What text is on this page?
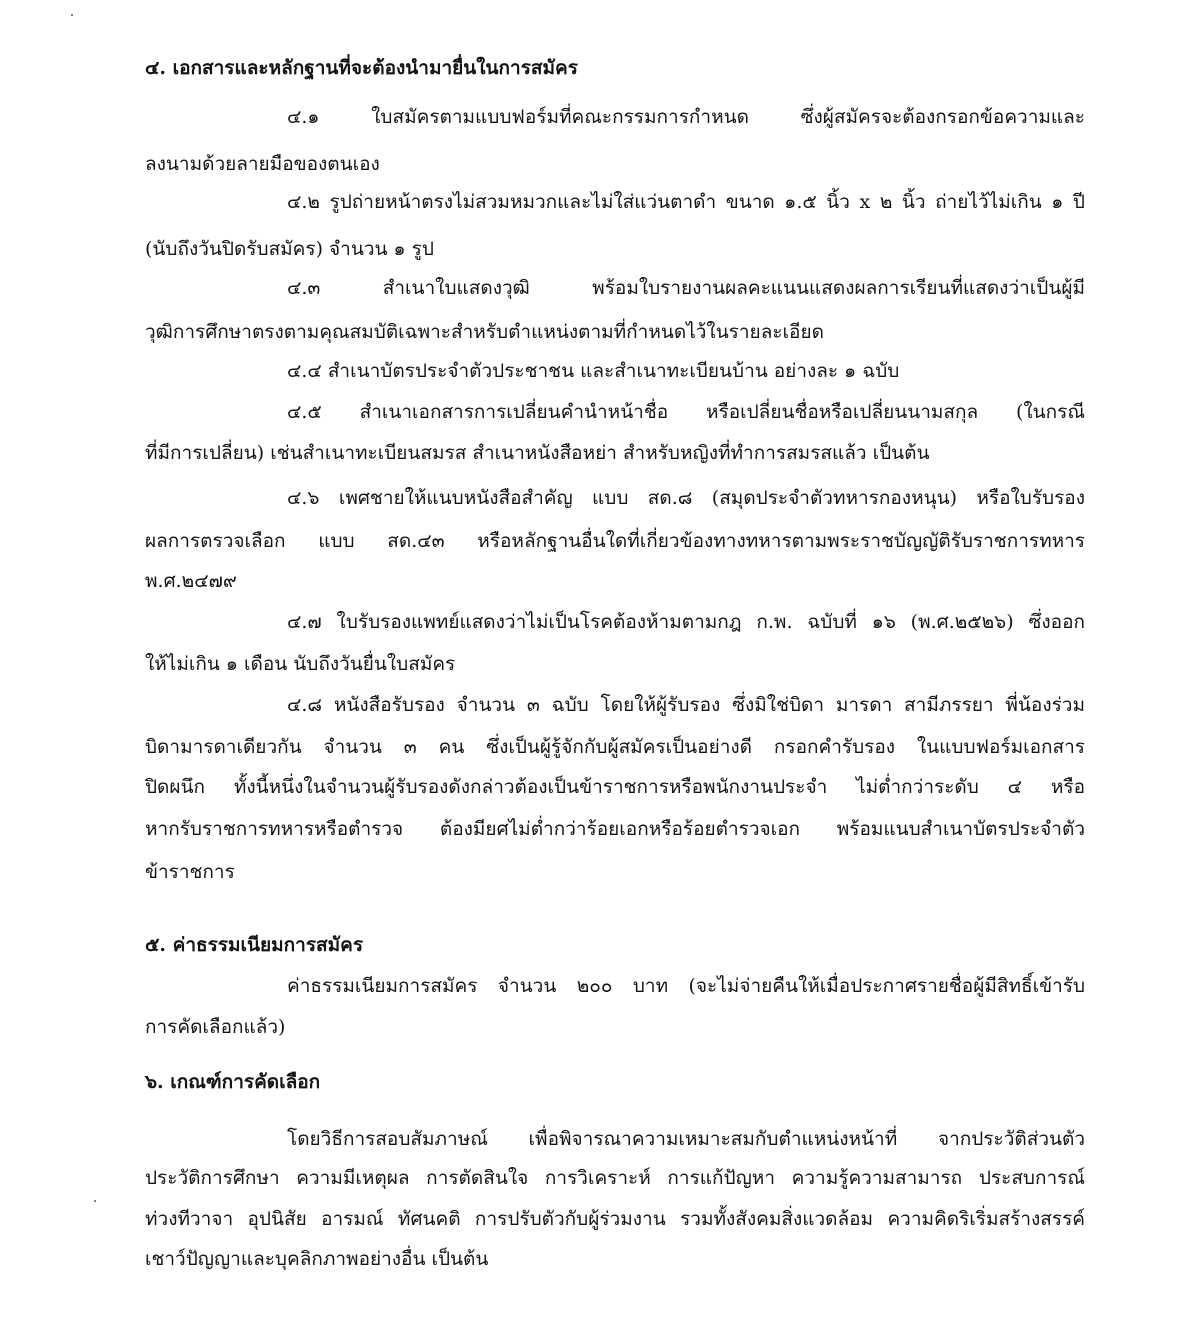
๔. เอกสารและหลักฐานที่จะต้องนำมายื่นในการสมัคร
๔.๑ ใบสมัครตามแบบฟอร์มที่คณะกรรมการกำหนด ซึ่งผู้สมัครจะต้องกรอกข้อความและ
ลงนามด้วยลายมือของตนเอง
๔.๒ รูปถ่ายหน้าตรงไม่สวมหมวกและไม่ใส่แว่นตาดำ ขนาด ๑.๕ นิ้ว x ๒ นิ้ว ถ่ายไว้ไม่เกิน ๑ ปี
(นับถึงวันปิดรับสมัคร) จำนวน ๑ รูป
๔.๓ สำเนาใบแสดงวุฒิ พร้อมใบรายงานผลคะแนนแสดงผลการเรียนที่แสดงว่าเป็นผู้มี
วุฒิการศึกษาตรงตามคุณสมบัติเฉพาะสำหรับตำแหน่งตามที่กำหนดไว้ในรายละเอียด
๔.๔ สำเนาบัตรประจำตัวประชาชน และสำเนาทะเบียนบ้าน อย่างละ ๑ ฉบับ
๔.๕ สำเนาเอกสารการเปลี่ยนคำนำหน้าชื่อ หรือเปลี่ยนชื่อหรือเปลี่ยนนามสกุล (ในกรณี
ที่มีการเปลี่ยน) เช่นสำเนาทะเบียนสมรส สำเนาหนังสือหย่า สำหรับหญิงที่ทำการสมรสแล้ว เป็นต้น
๔.๖ เพศชายให้แนบหนังสือสำคัญ แบบ สด.๘ (สมุดประจำตัวทหารกองหนุน) หรือใบรับรอง
ผลการตรวจเลือก แบบ สด.๔๓ หรือหลักฐานอื่นใดที่เกี่ยวข้องทางทหารตามพระราชบัญญัติรับราชการทหาร
พ.ศ.๒๔๗๙
๔.๗ ใบรับรองแพทย์แสดงว่าไม่เป็นโรคต้องห้ามตามกฎ ก.พ. ฉบับที่ ๑๖ (พ.ศ.๒๕๒๖) ซึ่งออก
ให้ไม่เกิน ๑ เดือน นับถึงวันยื่นใบสมัคร
๔.๘ หนังสือรับรอง จำนวน ๓ ฉบับ โดยให้ผู้รับรอง ซึ่งมิใช่บิดา มารดา สามีภรรยา พี่น้องร่วม
บิดามารดาเดียวกัน จำนวน ๓ คน ซึ่งเป็นผู้รู้จักกับผู้สมัครเป็นอย่างดี กรอกคำรับรอง ในแบบฟอร์มเอกสาร
ปิดผนึก ทั้งนี้หนึ่งในจำนวนผู้รับรองดังกล่าวต้องเป็นข้าราชการหรือพนักงานประจำ ไม่ต่ำกว่าระดับ ๔ หรือ
หากรับราชการทหารหรือตำรวจ ต้องมียศไม่ต่ำกว่าร้อยเอกหรือร้อยตำรวจเอก พร้อมแนบสำเนาบัตรประจำตัว
ข้าราชการ
๕. ค่าธรรมเนียมการสมัคร
ค่าธรรมเนียมการสมัคร จำนวน ๒๐๐ บาท (จะไม่จ่ายคืนให้เมื่อประกาศรายชื่อผู้มีสิทธิ์เข้ารับ
การคัดเลือกแล้ว)
๖. เกณฑ์การคัดเลือก
โดยวิธีการสอบสัมภาษณ์ เพื่อพิจารณาความเหมาะสมกับตำแหน่งหน้าที่ จากประวัติส่วนตัว
ประวัติการศึกษา ความมีเหตุผล การตัดสินใจ การวิเคราะห์ การแก้ปัญหา ความรู้ความสามารถ ประสบการณ์
ท่วงทีวาจา อุปนิสัย อารมณ์ ทัศนคติ การปรับตัวกับผู้ร่วมงาน รวมทั้งสังคมสิ่งแวดล้อม ความคิดริเริ่มสร้างสรรค์
เชาว์ปัญญาและบุคลิกภาพอย่างอื่น เป็นต้น
